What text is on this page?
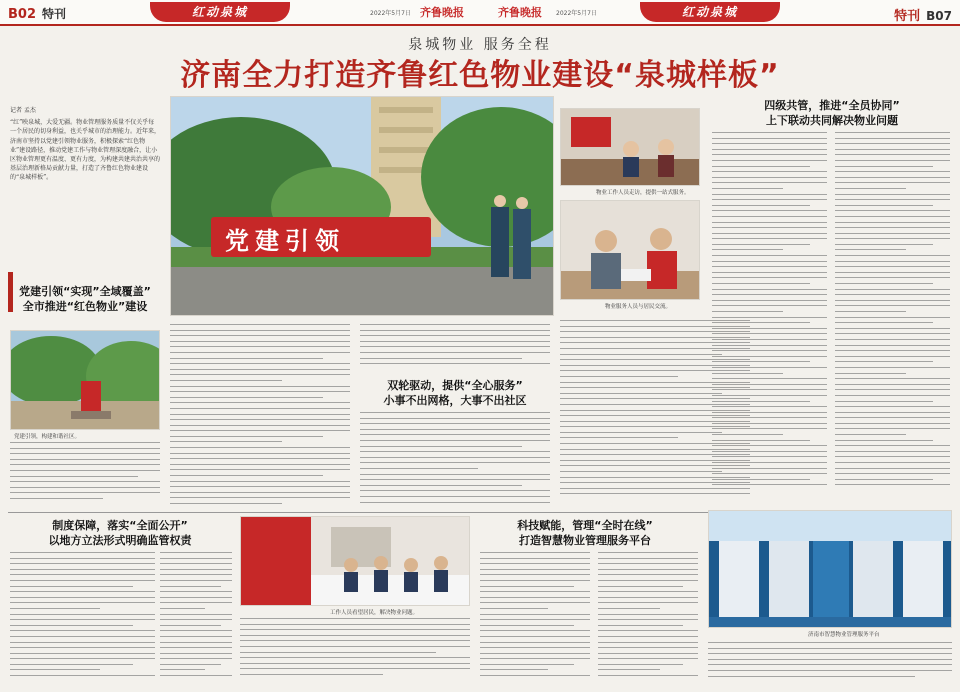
B02 特刊	红动泉城	2022年5月7日 齐鲁晚报	齐鲁晚报 2022年5月7日	红动泉城	特刊 B07
泉城物业 服务全程
济南全力打造齐鲁红色物业建设“泉城样板”
记者 孟杰
“红”映泉城，大爱无疆。物业管理服务质量不仅关乎每一个居民的切身利益，也关乎城市的治理能力。近年来，济南市坚持以党建引领物业服务，积极探索“红色物业”建设路径，推动党建工作与物业管理深度融合，让小区物业管理更有温度、更有力度，为构建共建共治共享的基层治理新格局贡献力量，打造了齐鲁红色物业建设的“泉城样板”。
党建引领
物业工作人员走访，提供一站式服务。
物业服务人员与居民交流。
四级共管，推进“全员协同”
上下联动共同解决物业问题
党建引领“实现”全域覆盖”
全市推进“红色物业”建设
党建引领，构建和谐社区。
双轮驱动，提供“全心服务”
小事不出网格，大事不出社区
制度保障，落实“全面公开”
以地方立法形式明确监管权责
工作人员看望居民，解决物业问题。
科技赋能，管理“全时在线”
打造智慧物业管理服务平台
济南市智慧物业管理服务平台
